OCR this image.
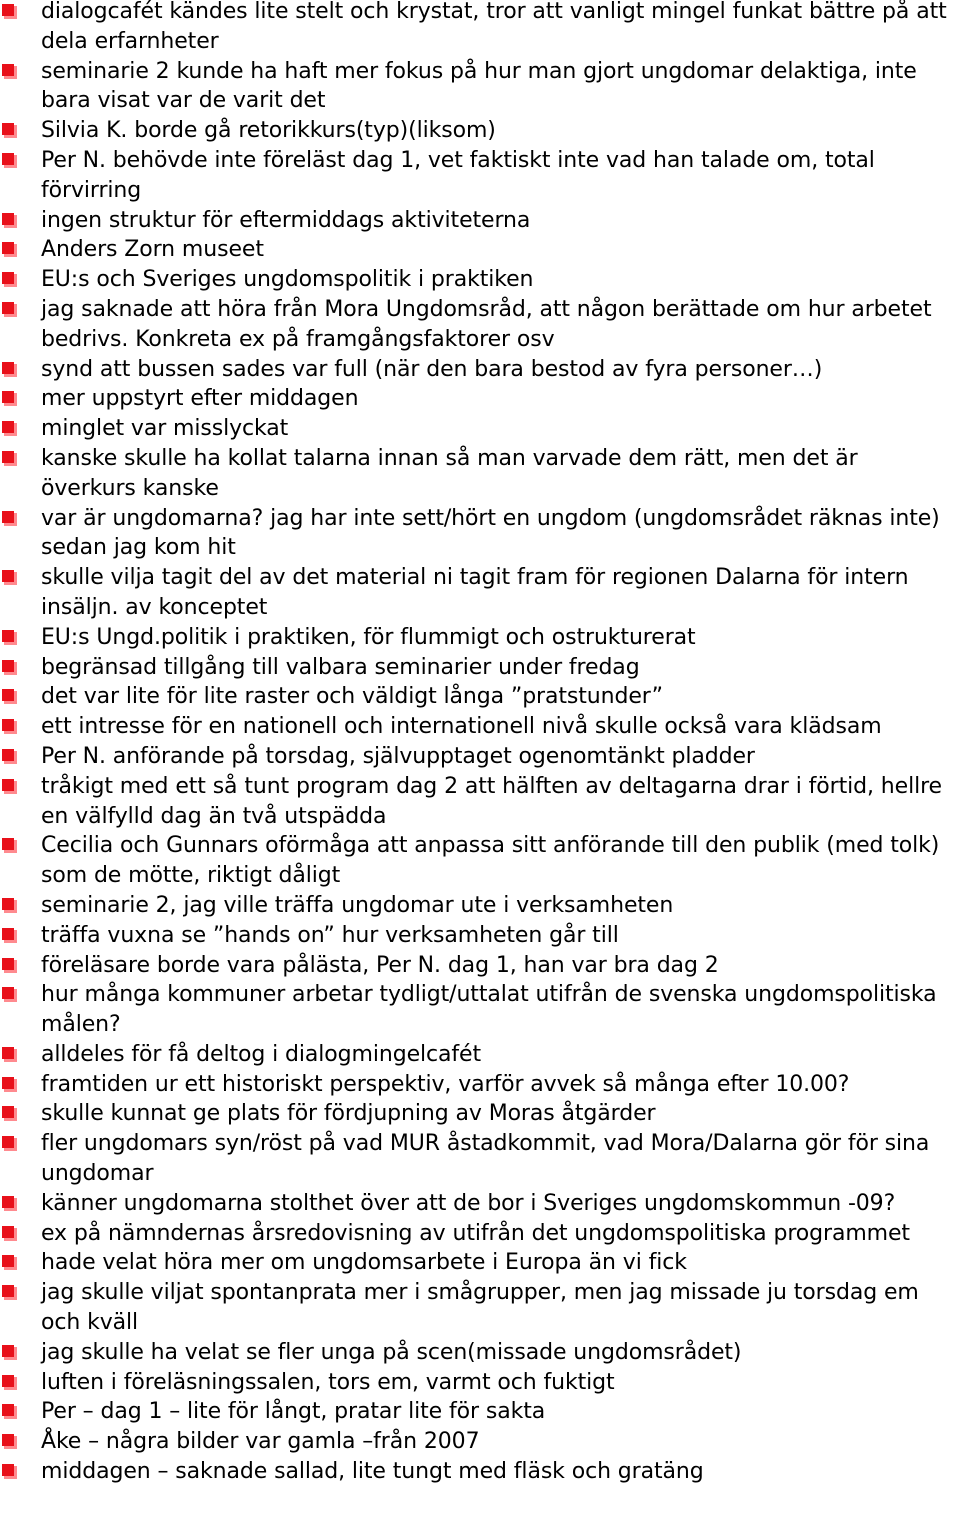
dialogcafét kändes lite stelt och krystat, tror att vanligt mingel funkat bättre på att dela erfarnheter
seminarie 2 kunde ha haft mer fokus på hur man gjort ungdomar delaktiga, inte bara visat var de varit det
Silvia K. borde gå retorikkurs(typ)(liksom)
Per N. behövde inte föreläst dag 1, vet faktiskt inte vad han talade om, total förvirring
ingen struktur för eftermiddags aktiviteterna
Anders Zorn museet
EU:s och Sveriges ungdomspolitik i praktiken
jag saknade att höra från Mora Ungdomsråd, att någon berättade om hur arbetet bedrivs. Konkreta ex på framgångsfaktorer osv
synd att bussen sades var full (när den bara bestod av fyra personer…)
mer uppstyrt efter middagen
minglet var misslyckat
kanske skulle ha kollat talarna innan så man varvade dem rätt, men det är överkurs kanske
var är ungdomarna? jag har inte sett/hört en ungdom (ungdomsrådet räknas inte) sedan jag kom hit
skulle vilja tagit del av det material ni tagit fram för regionen Dalarna för intern insäljn. av konceptet
EU:s Ungd.politik i praktiken, för flummigt och ostrukturerat
begränsad tillgång till valbara seminarier under fredag
det var lite för lite raster och väldigt långa ”pratstunder”
ett intresse för en nationell och internationell nivå skulle också vara klädsam
Per N. anförande på torsdag, självupptaget ogenomtänkt pladder
tråkigt med ett så tunt program dag 2 att hälften av deltagarna drar i förtid, hellre en välfylld dag än två utspädda
Cecilia och Gunnars oförmåga att anpassa sitt anförande till den publik (med tolk) som de mötte, riktigt dåligt
seminarie 2, jag ville träffa ungdomar ute i verksamheten
träffa vuxna se ”hands on” hur verksamheten går till
föreläsare borde vara pålästa, Per N. dag 1, han var bra dag 2
hur många kommuner arbetar tydligt/uttalat utifrån de svenska ungdomspolitiska målen?
alldeles för få deltog i dialogmingelcafét
framtiden ur ett historiskt perspektiv, varför avvek så många efter 10.00?
skulle kunnat ge plats för fördjupning av Moras åtgärder
fler ungdomars syn/röst på vad MUR åstadkommit, vad Mora/Dalarna gör för sina ungdomar
känner ungdomarna stolthet över att de bor i Sveriges ungdomskommun -09?
ex på nämndernas årsredovisning av utifrån det ungdomspolitiska programmet
hade velat höra mer om ungdomsarbete i Europa än vi fick
jag skulle viljat spontanprata mer i smågrupper, men jag missade ju torsdag em och kväll
jag skulle ha velat se fler unga på scen(missade ungdomsrådet)
luften i föreläsningssalen, tors em, varmt och fuktigt
Per – dag 1 – lite för långt, pratar lite för sakta
Åke – några bilder var gamla –från 2007
middagen – saknade sallad, lite tungt med fläsk och gratäng
